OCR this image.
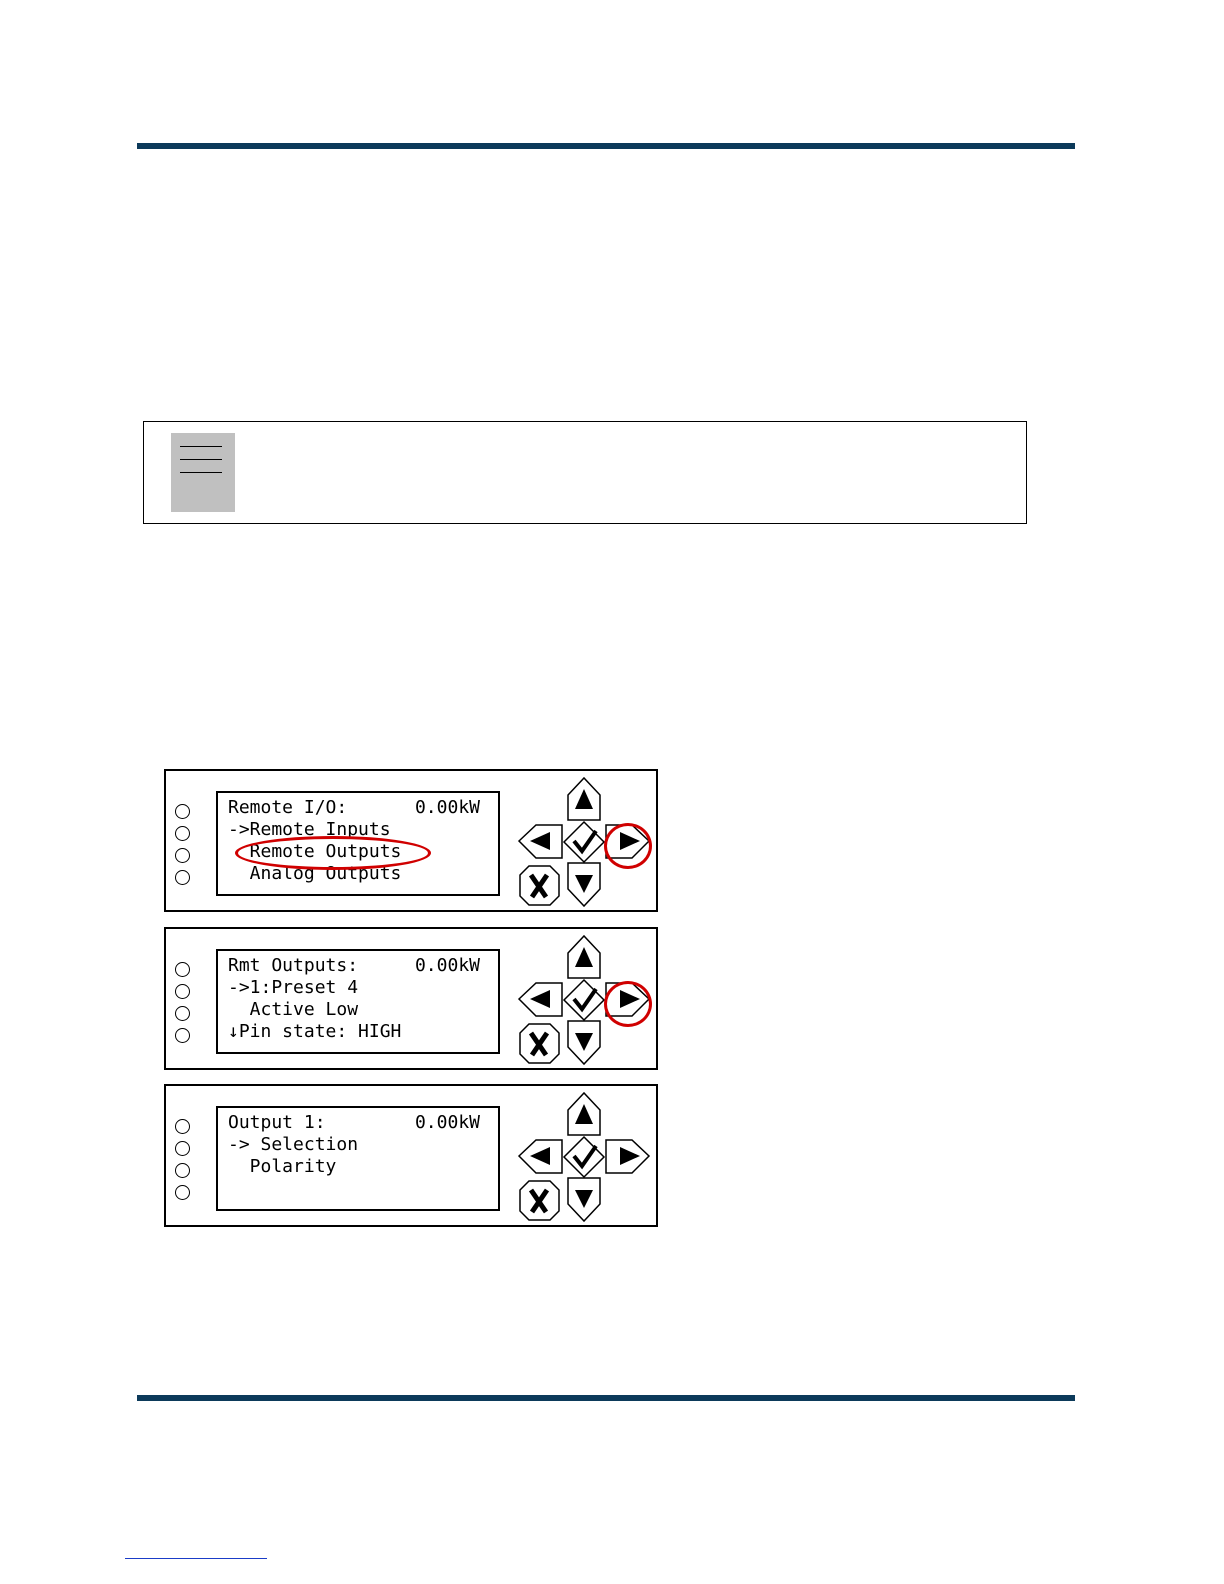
Remote I/O:	0.00kW
->Remote Inputs
Remote Outputs
Analog Outputs
Rmt Outputs:	0.00kW
->1:Preset 4
Active Low
↓Pin state: HIGH
Output 1:	0.00kW
-> Selection
Polarity
